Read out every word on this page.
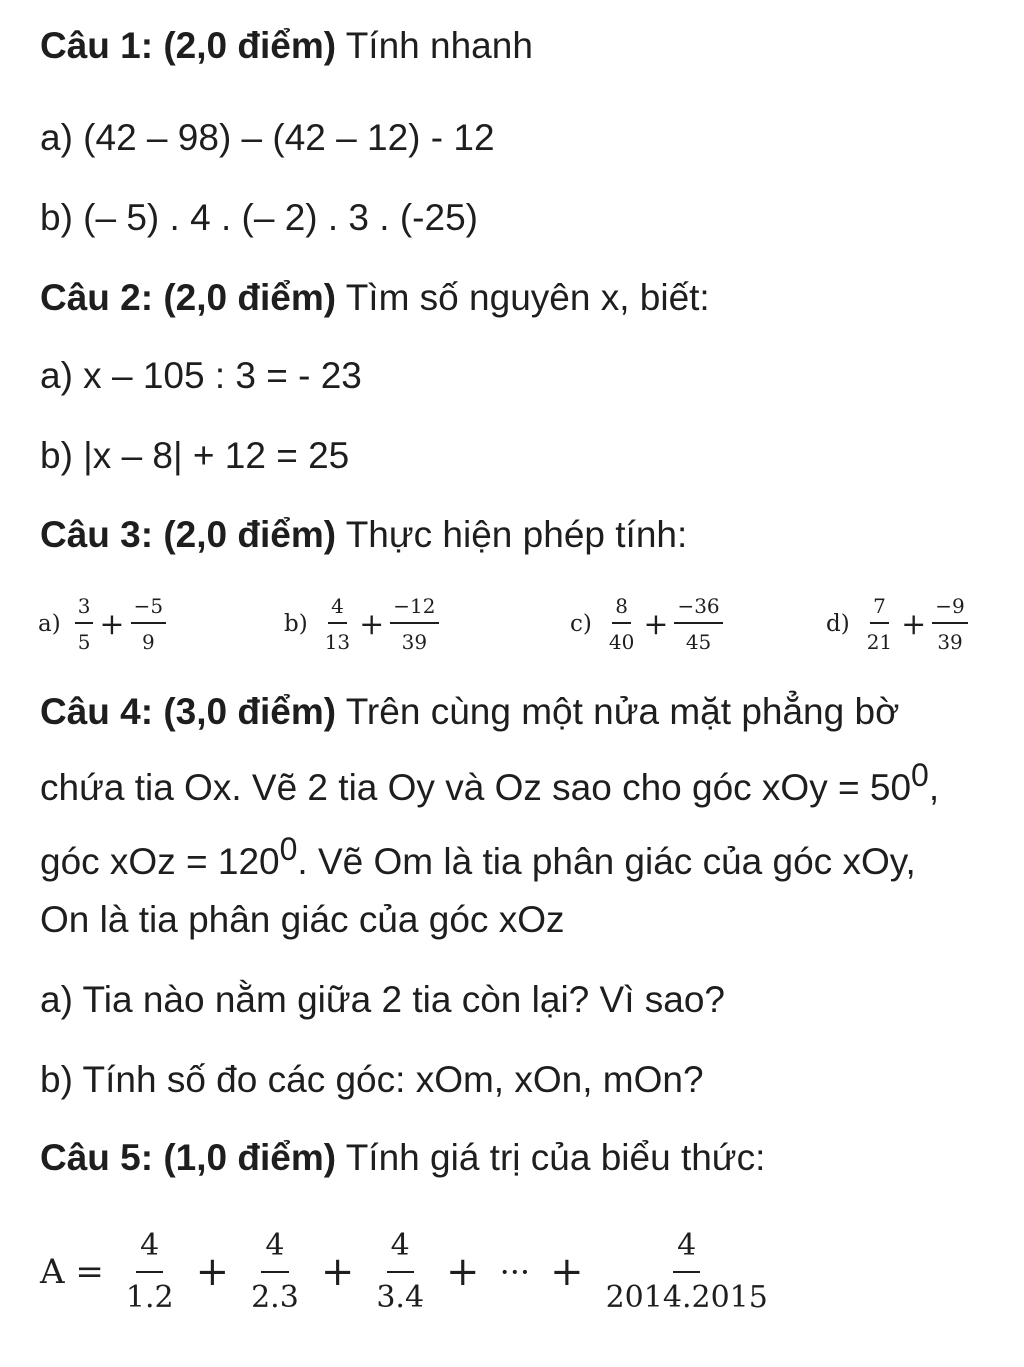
Câu 1: (2,0 điểm) Tính nhanh
a) (42 – 98) – (42 – 12) - 12
b) (– 5) . 4 . (– 2) . 3 . (-25)
Câu 2: (2,0 điểm) Tìm số nguyên x, biết:
a) x – 105 : 3 = - 23
b) |x – 8| + 12 = 25
Câu 3: (2,0 điểm) Thực hiện phép tính:
$a) \frac{3}{5} + \frac{-5}{9}$	$b) \frac{4}{13} + \frac{-12}{39}$	$c) \frac{8}{40} + \frac{-36}{45}$	$d) \frac{7}{21} + \frac{-9}{39}$
Câu 4: (3,0 điểm) Trên cùng một nửa mặt phẳng bờ
chứa tia Ox. Vẽ 2 tia Oy và Oz sao cho góc xOy = 500,
góc xOz = 1200. Vẽ Om là tia phân giác của góc xOy,
On là tia phân giác của góc xOz
a) Tia nào nằm giữa 2 tia còn lại? Vì sao?
b) Tính số đo các góc: xOm, xOn, mOn?
Câu 5: (1,0 điểm) Tính giá trị của biểu thức:
$A = \frac{4}{1.2} + \frac{4}{2.3} + \frac{4}{3.4}$ + ··· + $\frac{4}{2014.2015}$
